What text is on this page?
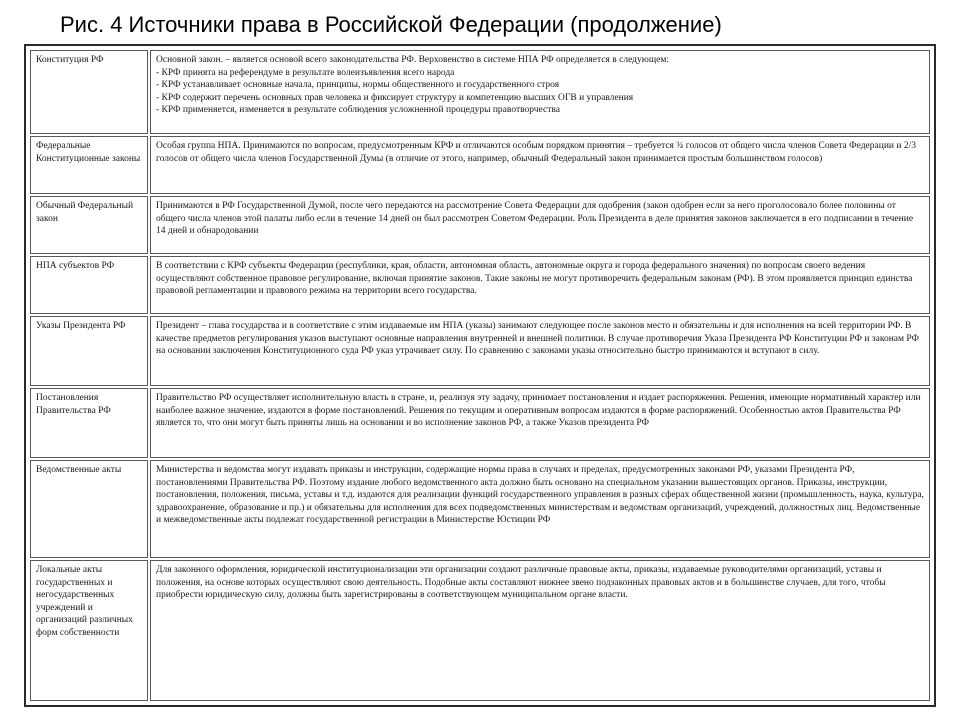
Рис. 4 Источники права в Российской Федерации (продолжение)
Конституция РФ	Основной закон. – является основой всего законодательства РФ. Верховенство в системе НПА РФ определяется в следующем:
- КРФ принята на референдуме в результате волеизъявления всего народа
- КРФ устанавливает основные начала, принципы, нормы общественного и государственного строя
- КРФ содержит перечень основных прав человека и фиксирует структуру и компетенцию высших ОГВ и управления
- КРФ применяется, изменяется в результате соблюдения усложненной процедуры правотворчества

Федеральные Конституционные законы	Особая группа НПА. Принимаются по вопросам, предусмотренным КРФ и отличаются особым порядком принятия – требуется ¾ голосов от общего числа членов Совета Федерации и 2/3 голосов от общего числа членов Государственной Думы (в отличие от этого, например, обычный Федеральный закон принимается простым большинством голосов)

Обычный Федеральный закон	Принимаются в РФ Государственной Думой, после чего передаются на рассмотрение Совета Федерации для одобрения (закон одобрен если за него проголосовало более половины от общего числа членов этой палаты либо если в течение 14 дней он был рассмотрен Советом Федерации. Роль Президента в деле принятия законов заключается в его подписании в течение 14 дней и обнародовании

НПА субъектов РФ	В соответствии с КРФ субъекты Федерации (республики, края, области, автономная область, автономные округа и города федерального значения) по вопросам своего ведения осуществляют собственное правовое регулирование, включая принятие законов. Такие законы не могут противоречить федеральным законам (РФ). В этом проявляется принцип единства правовой регламентации и правового режима на территории всего государства.

Указы Президента РФ	Президент – глава государства и в соответствие с этим издаваемые им НПА (указы) занимают следующее после законов место и обязательны и для исполнения на всей территории РФ. В качестве предметов регулирования указов выступают основные направления внутренней и внешней политики. В случае противоречия Указа Президента РФ Конституции РФ и законам РФ на основании заключения Конституционного суда РФ указ утрачивает силу. По сравнению с законами указы относительно быстро принимаются и вступают в силу.

Постановления Правительства РФ	Правительство РФ осуществляет исполнительную власть в стране, и, реализуя эту задачу, принимает постановления и издает распоряжения. Решения, имеющие нормативный характер или наиболее важное значение, издаются в форме постановлений. Решения по текущим и оперативным вопросам издаются в форме распоряжений. Особенностью актов Правительства РФ является то, что они могут быть приняты лишь на основании и во исполнение законов РФ, а также Указов президента РФ

Ведомственные акты	Министерства и ведомства могут издавать приказы и инструкции, содержащие нормы права в случаях и пределах, предусмотренных законами РФ, указами Президента РФ, постановлениями Правительства РФ. Поэтому издание любого ведомственного акта должно быть основано на специальном указании вышестоящих органов. Приказы, инструкции, постановления, положения, письма, уставы и т.д. издаются для реализации функций государственного управления в разных сферах общественной жизни (промышленность, наука, культура, здравоохранение, образование и пр.) и обязательны для исполнения для всех подведомственных министерствам и ведомствам организаций, учреждений, должностных лиц. Ведомственные и межведомственные акты подлежат государственной регистрации в Министерстве Юстиции РФ

Локальные акты государственных и негосударственных учреждений и организаций различных форм собственности	Для законного оформления, юридической институционализации эти организации создают различные правовые акты, приказы, издаваемые руководителями организаций, уставы и положения, на основе которых осуществляют свою деятельность. Подобные акты составляют нижнее звено подзаконных правовых актов и в большинстве случаев, для того, чтобы приобрести юридическую силу, должны быть зарегистрированы в соответствующем муниципальном органе власти.
